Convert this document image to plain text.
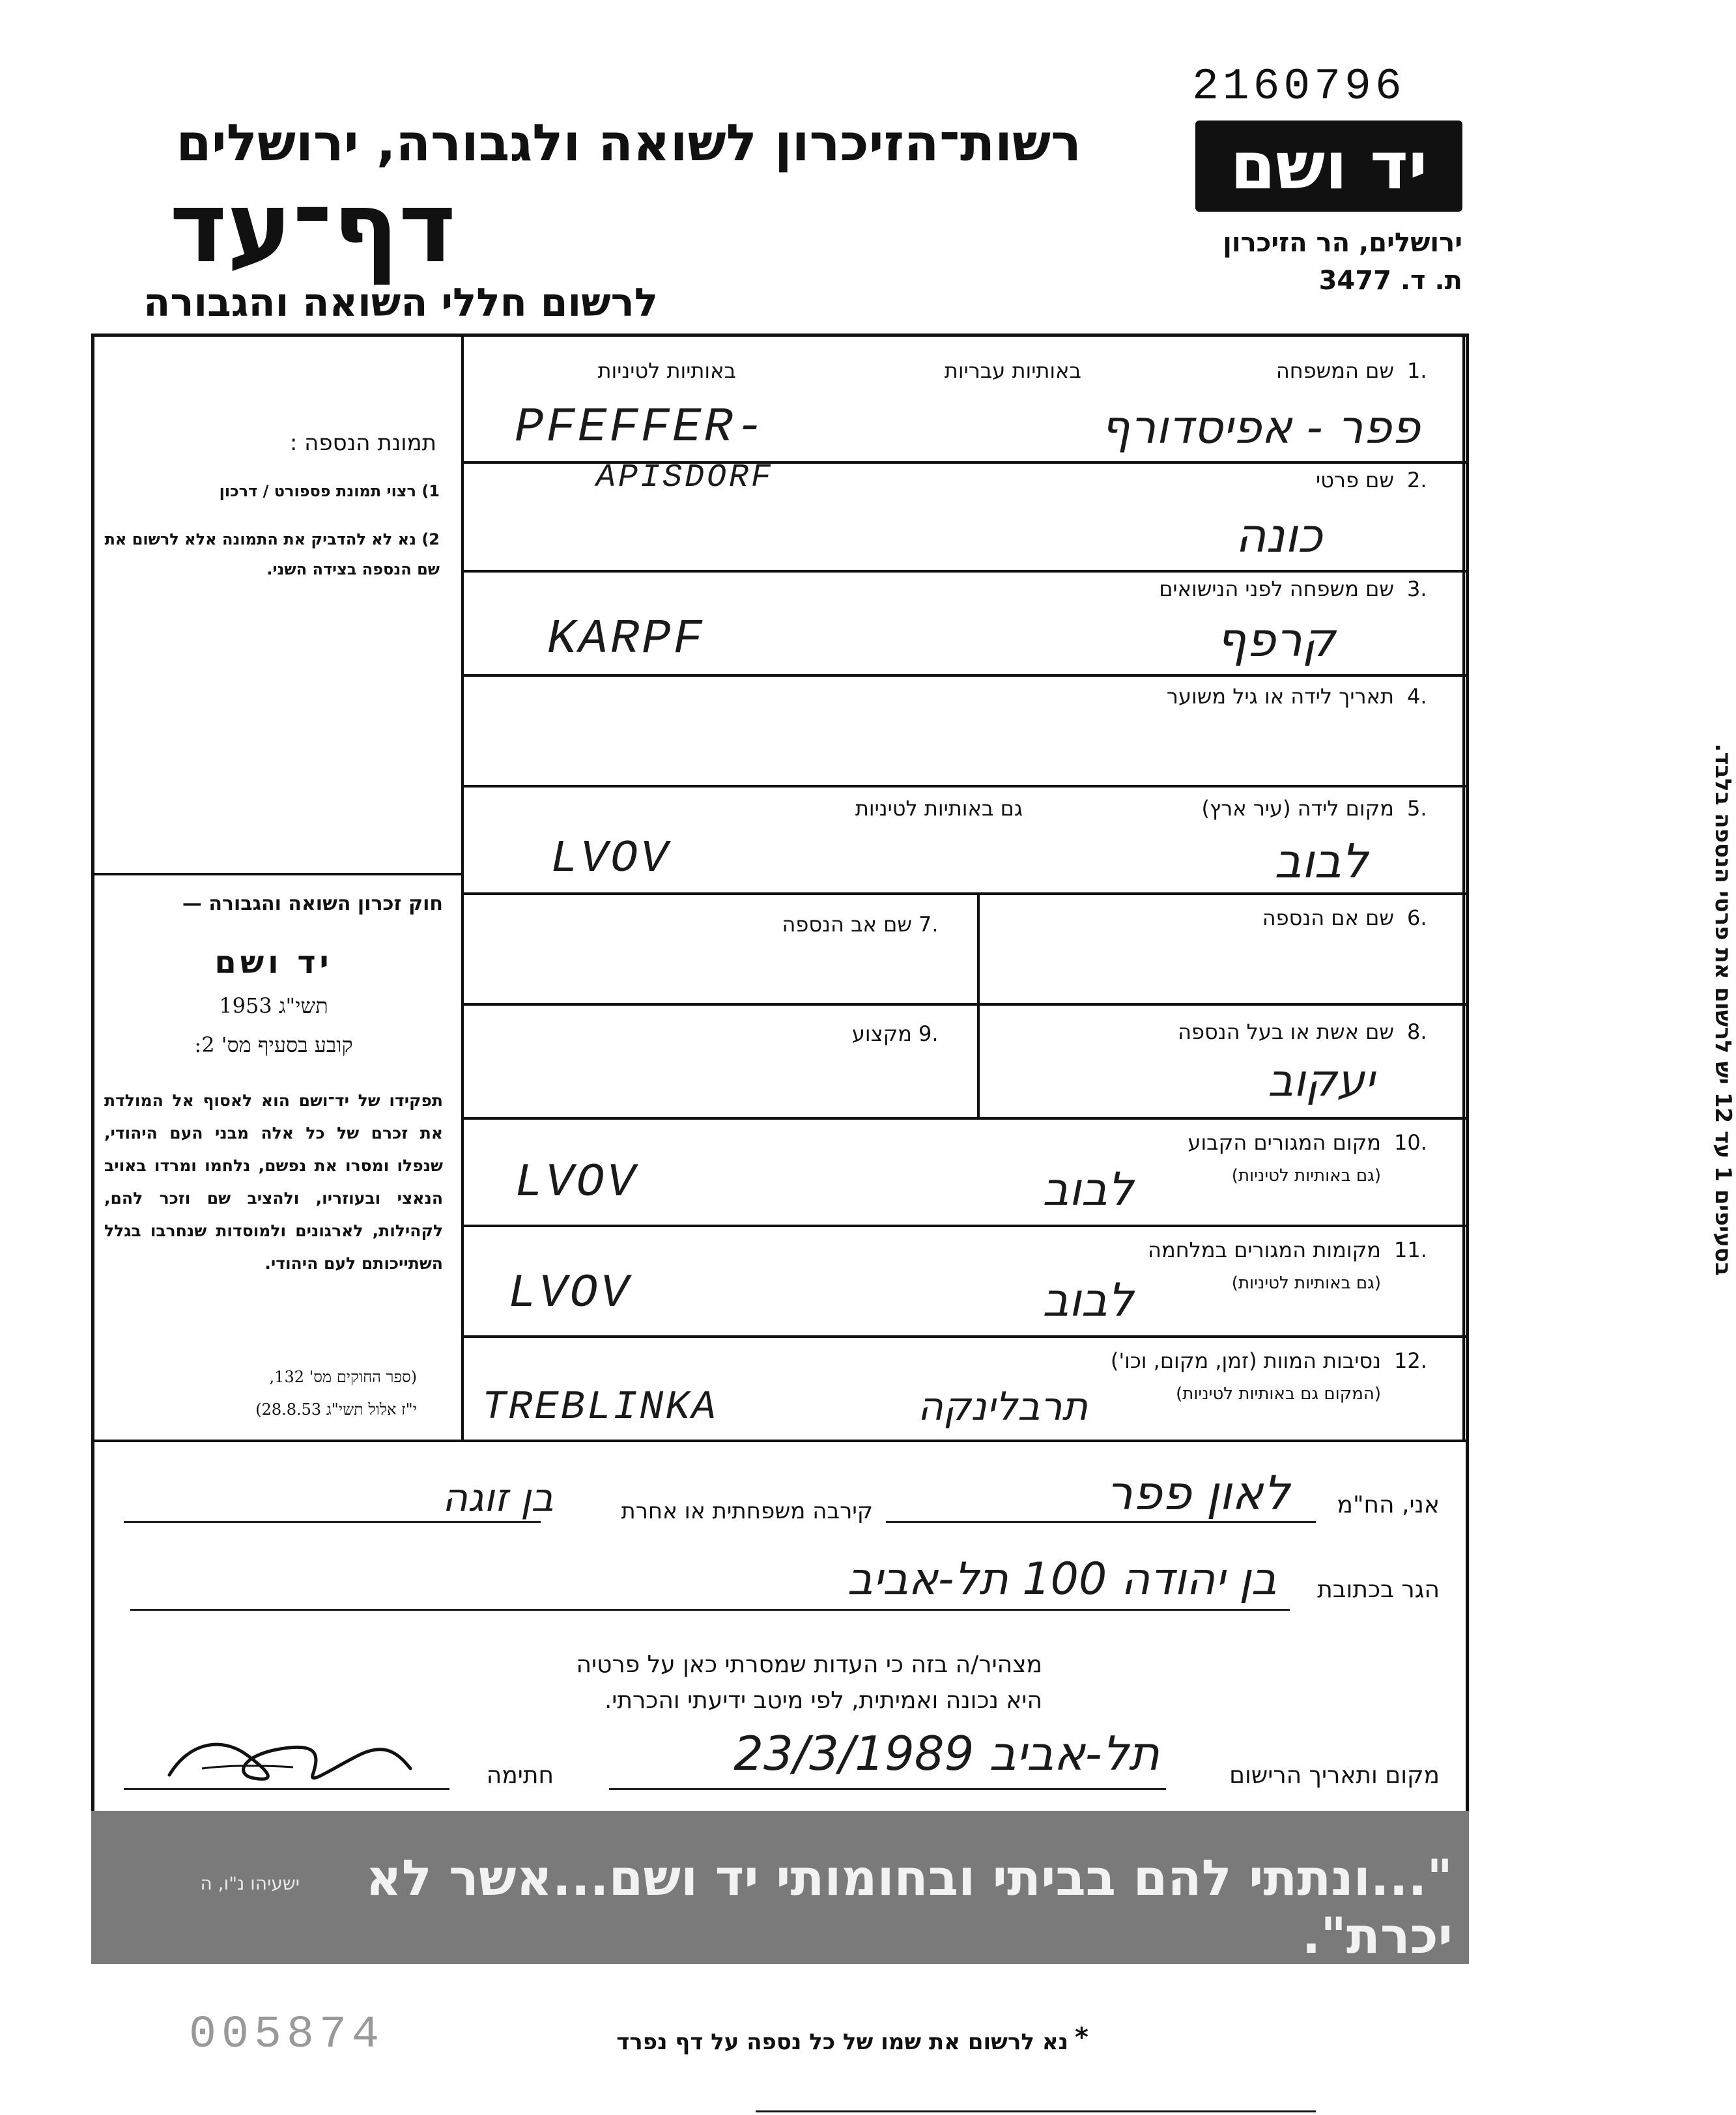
2160796
רשות־הזיכרון לשואה ולגבורה, ירושלים
דף־עד
לרשום חללי השואה והגבורה
יד ושם
ירושלים, הר הזיכרון
ת. ד. 3477
תמונת הנספה :
1) רצוי תמונת פספורט / דרכון
2) נא לא להדביק את התמונה אלא לרשום את שם הנספה בצידה השני.
חוק זכרון השואה והגבורה —
יד ושם
תשי"ג 1953
קובע בסעיף מס' 2:
תפקידו של יד־ושם הוא לאסוף אל המולדת את זכרם של כל אלה מבני העם היהודי, שנפלו ומסרו את נפשם, נלחמו ומרדו באויב הנאצי ובעוזריו, ולהציב שם וזכר להם, לקהילות, לארגונים ולמוסדות שנחרבו בגלל השתייכותם לעם היהודי.
(ספר החוקים מס' 132,
י"ז אלול תשי"ג 28.8.53)
בסעיפים 1 עד 12 יש לרשום את פרטי הנספה בלבד.
1.
שם המשפחה
באותיות עבריות
באותיות לטיניות
פפר - אפיסדורף
PFEFFER-
APISDORF	2.
שם פרטי
כונה
3.
שם משפחה לפני הנישואים
קרפף
KARPF
4.
תאריך לידה או גיל משוער
5.
מקום לידה (עיר ארץ)
גם באותיות לטיניות
לבוב
LVOV
6.
שם אם הנספה
7.
שם אב הנספה
8.
שם אשת או בעל הנספה
יעקוב
9.
מקצוע
10.
מקום המגורים הקבוע
(גם באותיות לטיניות)
לבוב
LVOV
11.
מקומות המגורים במלחמה
(גם באותיות לטיניות)
לבוב
LVOV
12.
נסיבות המוות (זמן, מקום, וכו')
(המקום גם באותיות לטיניות)
תרבלינקה
TREBLINKA
אני, הח"מ
לאון פפר
קירבה משפחתית או אחרת
בן זוגה
הגר בכתובת
בן יהודה 100 תל-אביב
מצהיר/ה בזה כי העדות שמסרתי כאן על פרטיה
היא נכונה ואמיתית, לפי מיטב ידיעתי והכרתי.
מקום ותאריך הרישום
תל-אביב 23/3/1989
חתימה
"...ונתתי להם בביתי ובחומותי יד ושם...אשר לא יכרת".
ישעיהו נ"ו, ה
005874	נא לרשום את שמו של כל נספה על דף נפרד *
